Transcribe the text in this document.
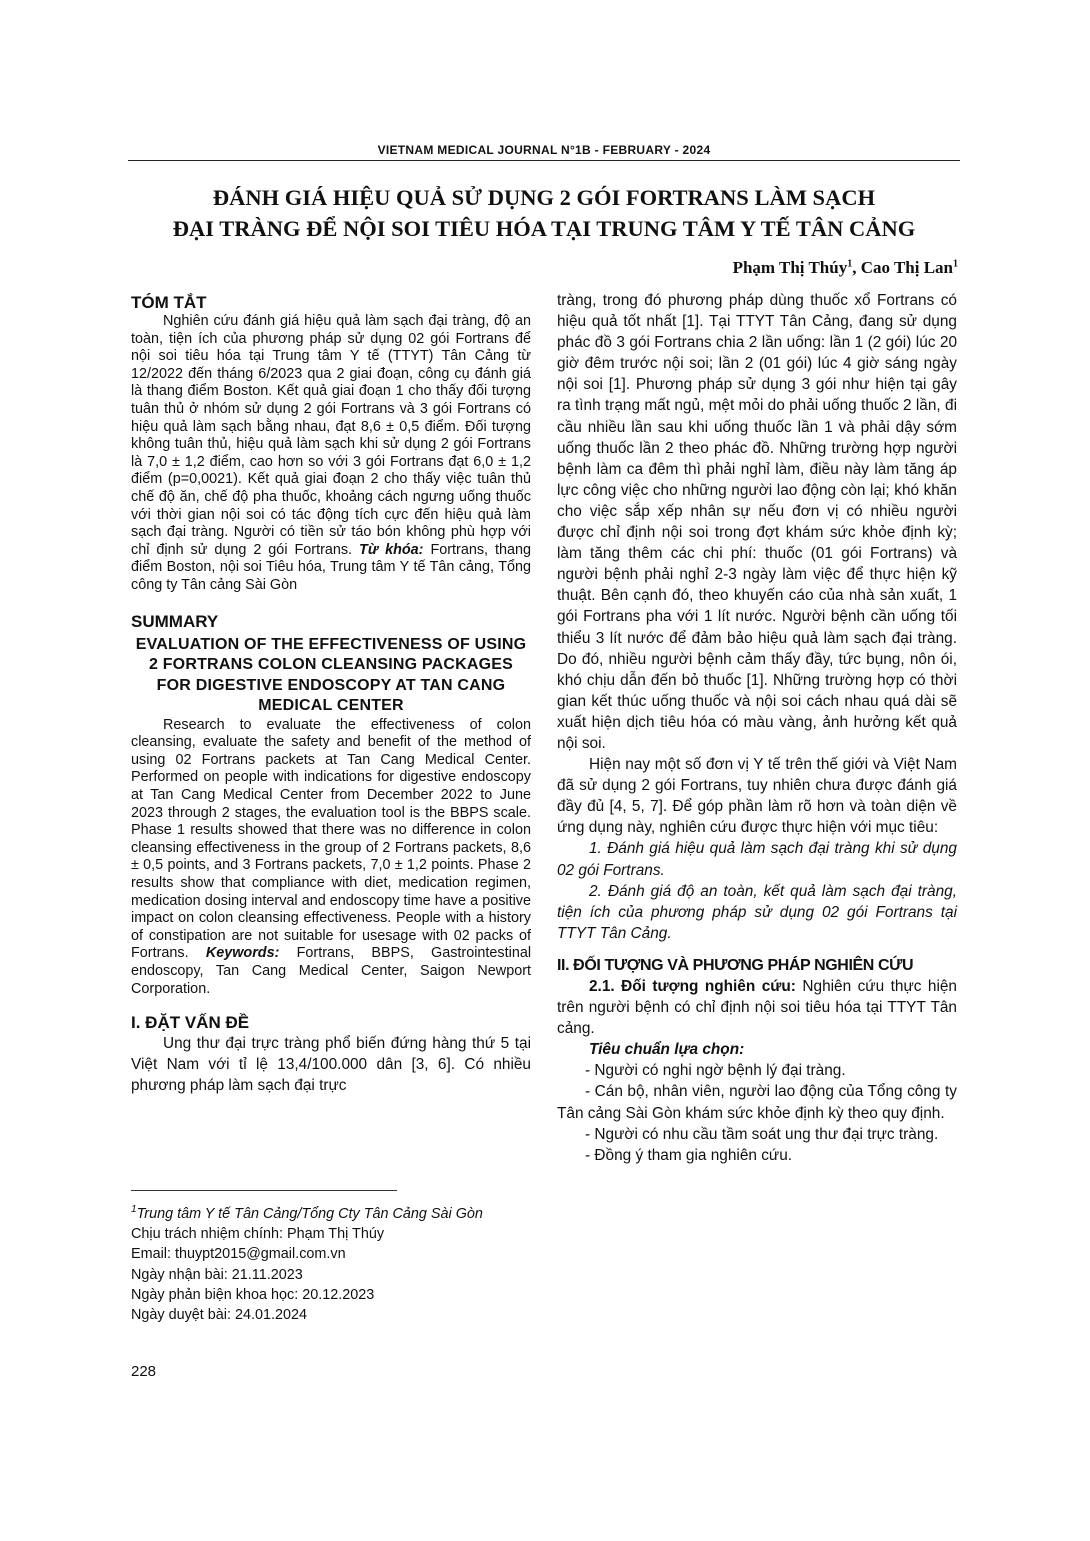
VIETNAM MEDICAL JOURNAL N°1B - FEBRUARY - 2024
ĐÁNH GIÁ HIỆU QUẢ SỬ DỤNG 2 GÓI FORTRANS LÀM SẠCH
ĐẠI TRÀNG ĐỂ NỘI SOI TIÊU HÓA TẠI TRUNG TÂM Y TẾ TÂN CẢNG
Phạm Thị Thúy$^1$, Cao Thị Lan$^1$
TÓM TẮT

Nghiên cứu đánh giá hiệu quả làm sạch đại tràng, độ an toàn, tiện ích của phương pháp sử dụng 02 gói Fortrans để nội soi tiêu hóa tại Trung tâm Y tế (TTYT) Tân Cảng từ 12/2022 đến tháng 6/2023 qua 2 giai đoạn, công cụ đánh giá là thang điểm Boston. Kết quả giai đoạn 1 cho thấy đối tượng tuân thủ ở nhóm sử dụng 2 gói Fortrans và 3 gói Fortrans có hiệu quả làm sạch bằng nhau, đạt 8,6 ± 0,5 điểm. Đối tượng không tuân thủ, hiệu quả làm sạch khi sử dụng 2 gói Fortrans là 7,0 ± 1,2 điểm, cao hơn so với 3 gói Fortrans đạt 6,0 ± 1,2 điểm (p=0,0021). Kết quả giai đoạn 2 cho thấy việc tuân thủ chế độ ăn, chế độ pha thuốc, khoảng cách ngưng uống thuốc với thời gian nội soi có tác động tích cực đến hiệu quả làm sạch đại tràng. Người có tiền sử táo bón không phù hợp với chỉ định sử dụng 2 gói Fortrans. Từ khóa: Fortrans, thang điểm Boston, nội soi Tiêu hóa, Trung tâm Y tế Tân cảng, Tổng công ty Tân cảng Sài Gòn

SUMMARY
EVALUATION OF THE EFFECTIVENESS OF USING 2 FORTRANS COLON CLEANSING PACKAGES FOR DIGESTIVE ENDOSCOPY AT TAN CANG MEDICAL CENTER

Research to evaluate the effectiveness of colon cleansing, evaluate the safety and benefit of the method of using 02 Fortrans packets at Tan Cang Medical Center. Performed on people with indications for digestive endoscopy at Tan Cang Medical Center from December 2022 to June 2023 through 2 stages, the evaluation tool is the BBPS scale. Phase 1 results showed that there was no difference in colon cleansing effectiveness in the group of 2 Fortrans packets, 8,6 ± 0,5 points, and 3 Fortrans packets, 7,0 ± 1,2 points. Phase 2 results show that compliance with diet, medication regimen, medication dosing interval and endoscopy time have a positive impact on colon cleansing effectiveness. People with a history of constipation are not suitable for usesage with 02 packs of Fortrans. Keywords: Fortrans, BBPS, Gastrointestinal endoscopy, Tan Cang Medical Center, Saigon Newport Corporation.

I. ĐẶT VẤN ĐỀ

Ung thư đại trực tràng phổ biến đứng hàng thứ 5 tại Việt Nam với tỉ lệ 13,4/100.000 dân [3, 6]. Có nhiều phương pháp làm sạch đại trực

$^1$Trung tâm Y tế Tân Cảng/Tổng Cty Tân Cảng Sài Gòn
Chịu trách nhiệm chính: Phạm Thị Thúy
Email: thuypt2015@gmail.com.vn
Ngày nhận bài: 21.11.2023
Ngày phản biện khoa học: 20.12.2023
Ngày duyệt bài: 24.01.2024
228

tràng, trong đó phương pháp dùng thuốc xổ Fortrans có hiệu quả tốt nhất [1]. Tại TTYT Tân Cảng, đang sử dụng phác đồ 3 gói Fortrans chia 2 lần uống: lần 1 (2 gói) lúc 20 giờ đêm trước nội soi; lần 2 (01 gói) lúc 4 giờ sáng ngày nội soi [1]. Phương pháp sử dụng 3 gói như hiện tại gây ra tình trạng mất ngủ, mệt mỏi do phải uống thuốc 2 lần, đi cầu nhiều lần sau khi uống thuốc lần 1 và phải dậy sớm uống thuốc lần 2 theo phác đồ. Những trường hợp người bệnh làm ca đêm thì phải nghỉ làm, điều này làm tăng áp lực công việc cho những người lao động còn lại; khó khăn cho việc sắp xếp nhân sự nếu đơn vị có nhiều người được chỉ định nội soi trong đợt khám sức khỏe định kỳ; làm tăng thêm các chi phí: thuốc (01 gói Fortrans) và người bệnh phải nghỉ 2-3 ngày làm việc để thực hiện kỹ thuật. Bên cạnh đó, theo khuyến cáo của nhà sản xuất, 1 gói Fortrans pha với 1 lít nước. Người bệnh cần uống tối thiểu 3 lít nước để đảm bảo hiệu quả làm sạch đại tràng. Do đó, nhiều người bệnh cảm thấy đầy, tức bụng, nôn ói, khó chịu dẫn đến bỏ thuốc [1]. Những trường hợp có thời gian kết thúc uống thuốc và nội soi cách nhau quá dài sẽ xuất hiện dịch tiêu hóa có màu vàng, ảnh hưởng kết quả nội soi.

Hiện nay một số đơn vị Y tế trên thế giới và Việt Nam đã sử dụng 2 gói Fortrans, tuy nhiên chưa được đánh giá đầy đủ [4, 5, 7]. Để góp phần làm rõ hơn và toàn diện về ứng dụng này, nghiên cứu được thực hiện với mục tiêu:

1. Đánh giá hiệu quả làm sạch đại tràng khi sử dụng 02 gói Fortrans.

2. Đánh giá độ an toàn, kết quả làm sạch đại tràng, tiện ích của phương pháp sử dụng 02 gói Fortrans tại TTYT Tân Cảng.

II. ĐỐI TƯỢNG VÀ PHƯƠNG PHÁP NGHIÊN CỨU

2.1. Đối tượng nghiên cứu: Nghiên cứu thực hiện trên người bệnh có chỉ định nội soi tiêu hóa tại TTYT Tân cảng.

Tiêu chuẩn lựa chọn:

- Người có nghi ngờ bệnh lý đại tràng.

- Cán bộ, nhân viên, người lao động của Tổng công ty Tân cảng Sài Gòn khám sức khỏe định kỳ theo quy định.

- Người có nhu cầu tầm soát ung thư đại trực tràng.

- Đồng ý tham gia nghiên cứu.
